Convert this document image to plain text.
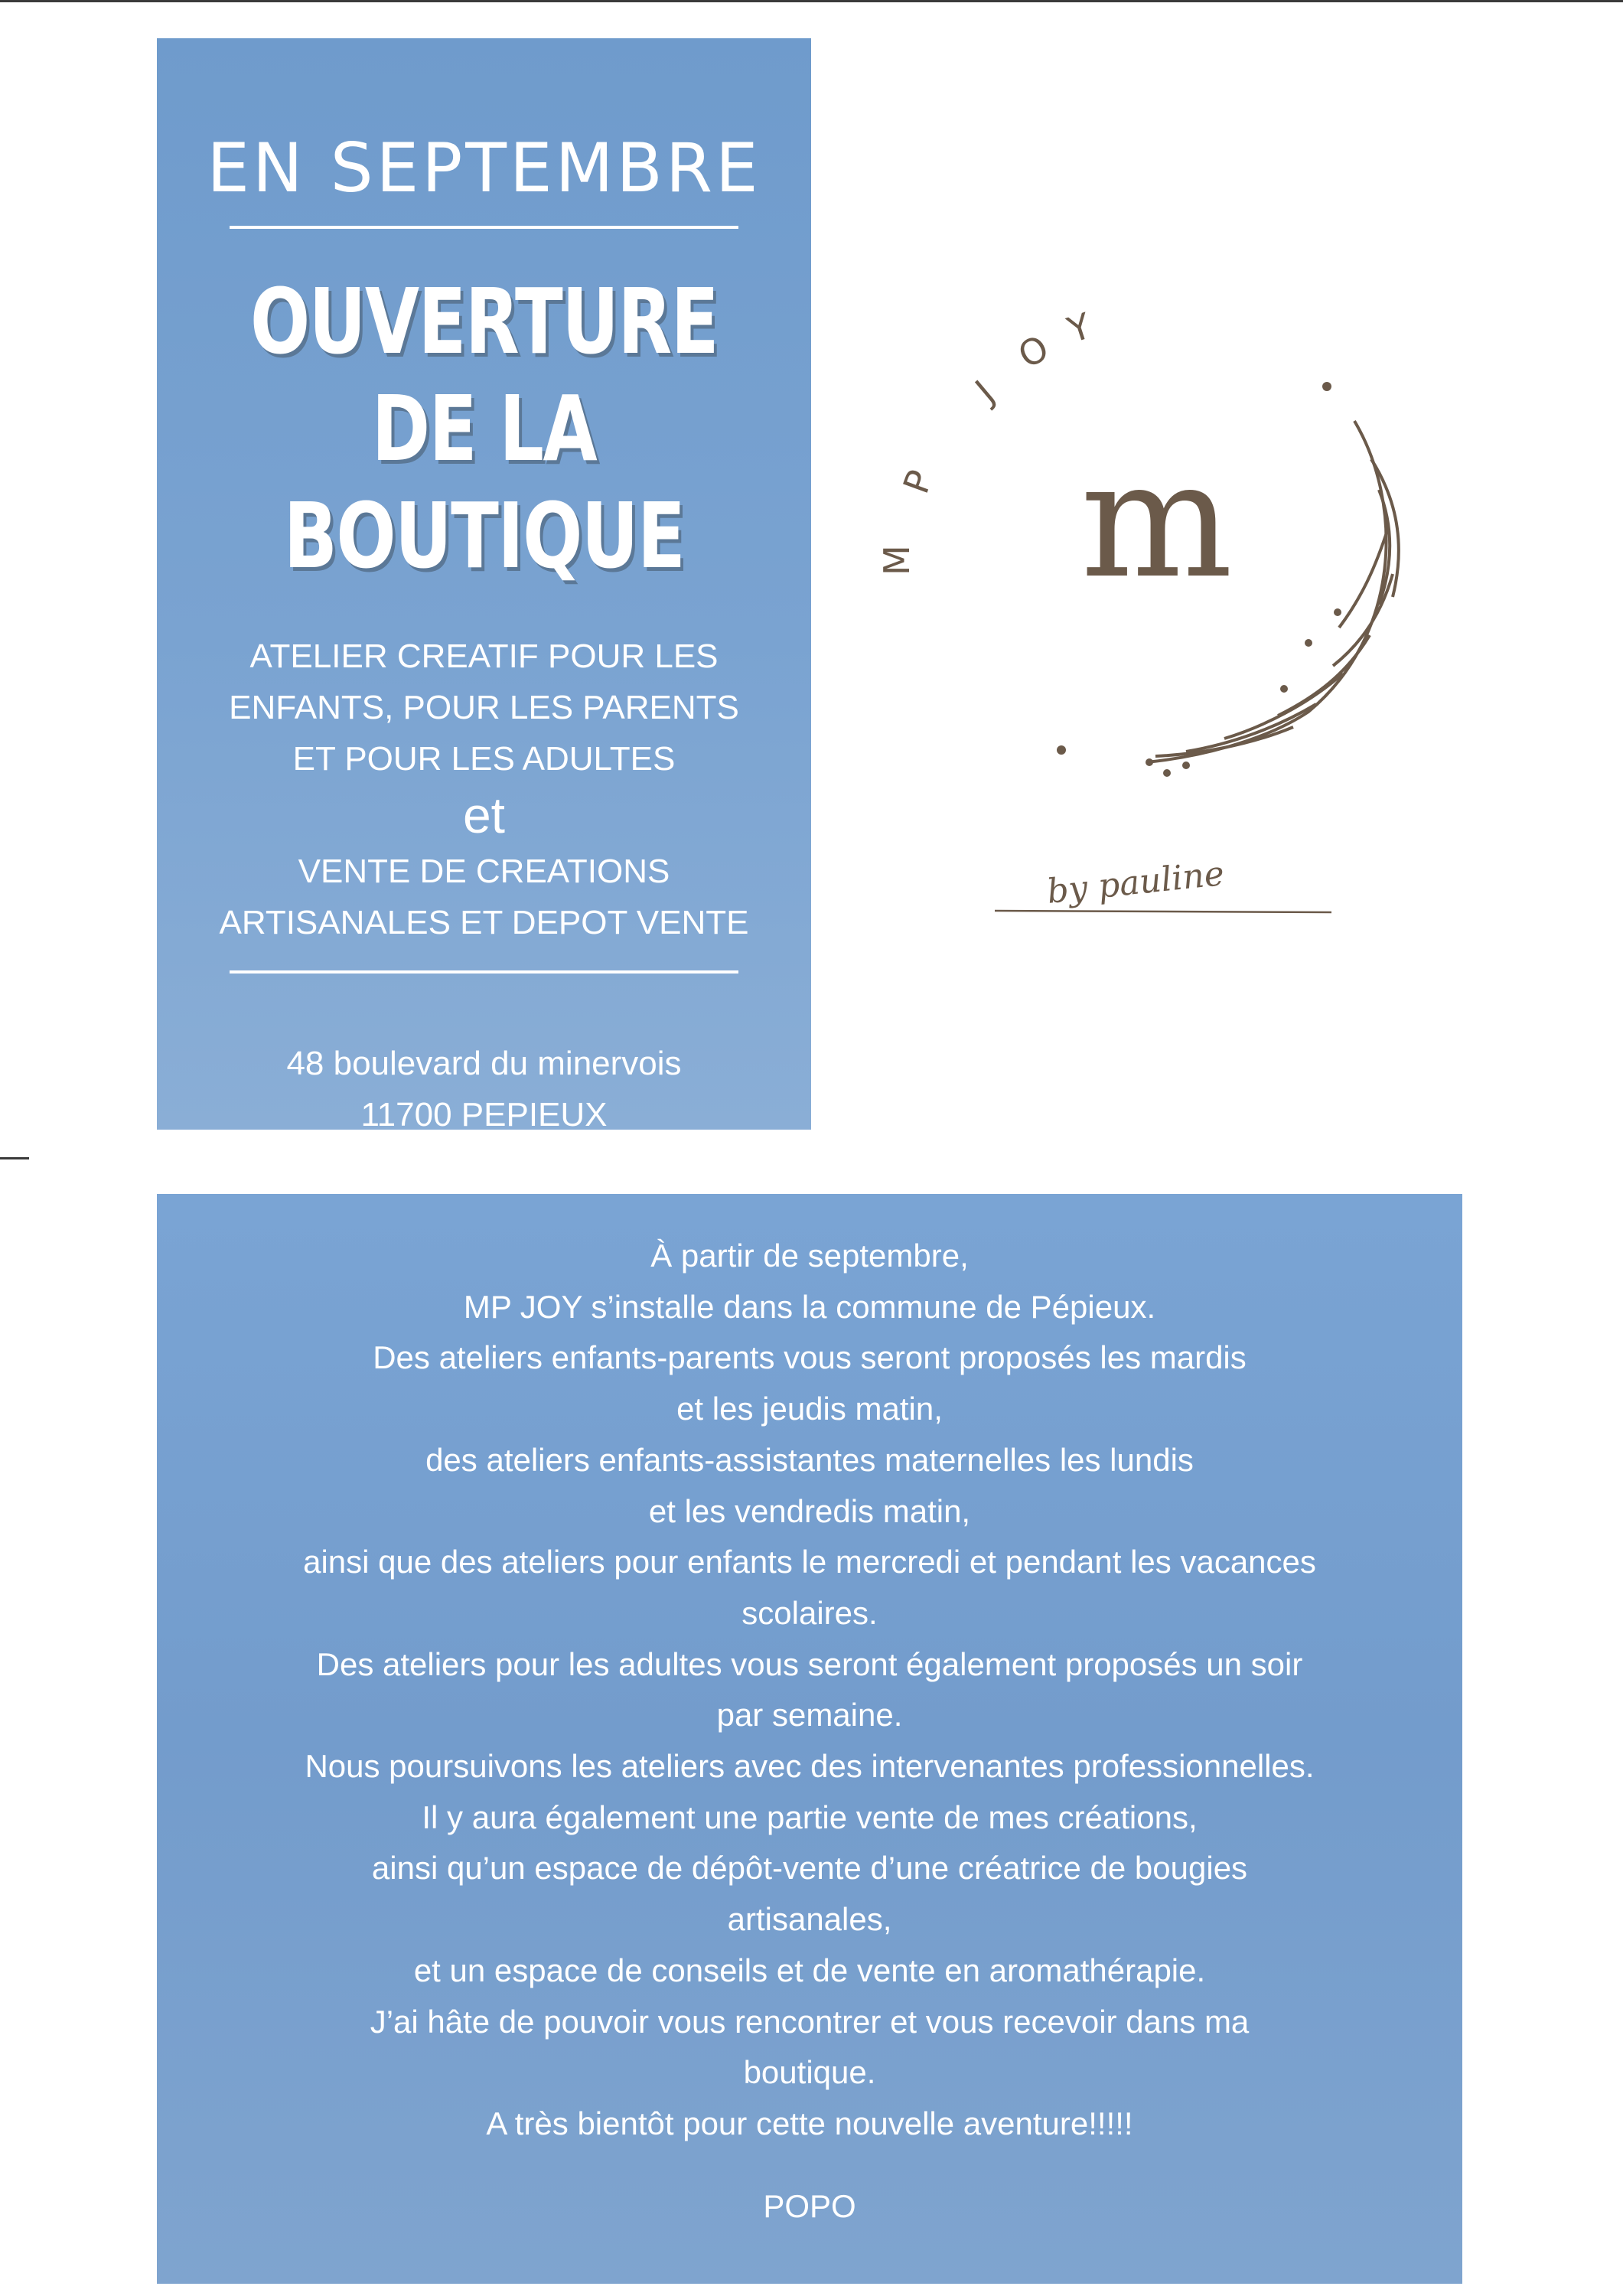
EN SEPTEMBRE
OUVERTURE
DE LA
BOUTIQUE
ATELIER CREATIF POUR LES
ENFANTS, POUR LES PARENTS
ET POUR LES ADULTES
et
VENTE DE CREATIONS
ARTISANALES ET DEPOT VENTE
48 boulevard du minervois
11700 PEPIEUX
M
P
J
O Y
m
by pauline
À partir de septembre,
MP JOY s’installe dans la commune de Pépieux.
Des ateliers enfants-parents vous seront proposés les mardis
et les jeudis matin,
des ateliers enfants-assistantes maternelles les lundis
et les vendredis matin,
ainsi que des ateliers pour enfants le mercredi et pendant les vacances
scolaires.
Des ateliers pour les adultes vous seront également proposés un soir
par semaine.
Nous poursuivons les ateliers avec des intervenantes professionnelles.
Il y aura également une partie vente de mes créations,
ainsi qu’un espace de dépôt-vente d’une créatrice de bougies
artisanales,
et un espace de conseils et de vente en aromathérapie.
J’ai hâte de pouvoir vous rencontrer et vous recevoir dans ma
boutique.
A très bientôt pour cette nouvelle aventure!!!!!
POPO
